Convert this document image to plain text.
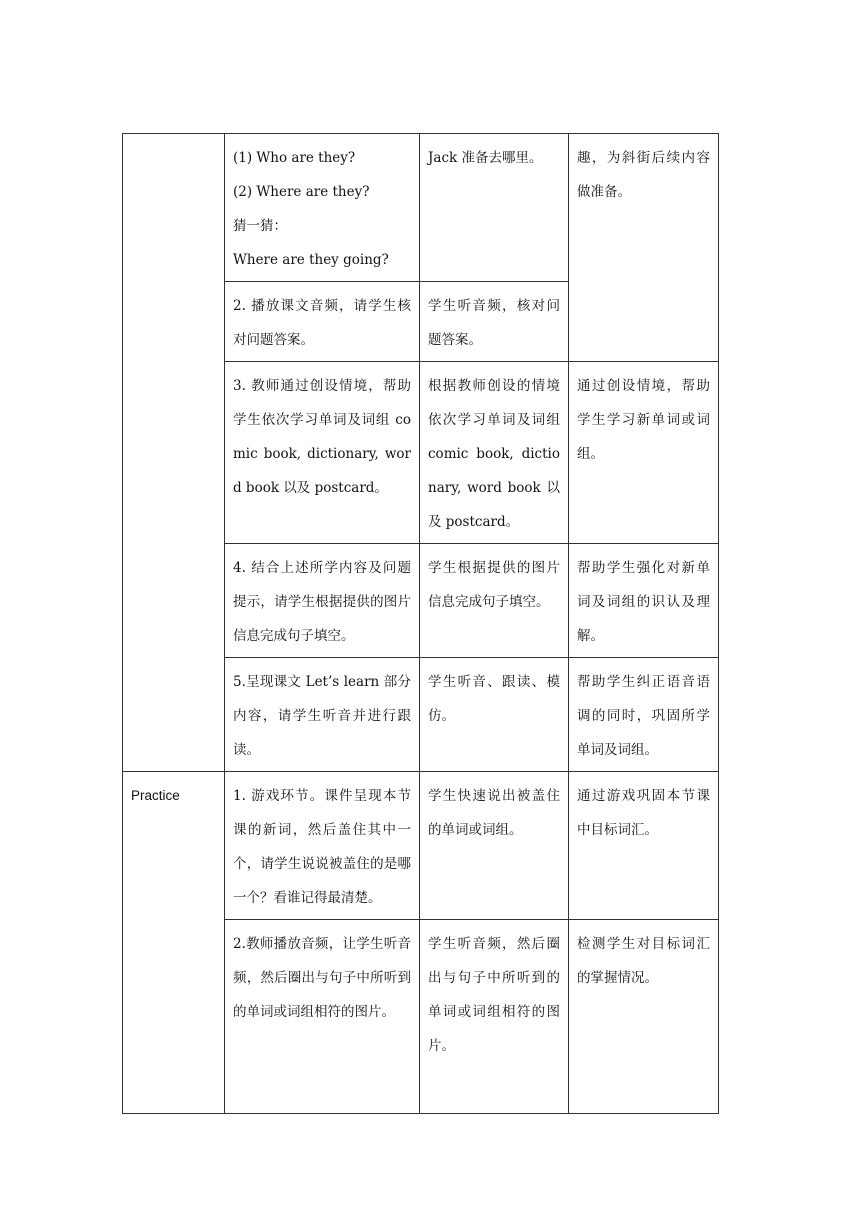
	(1) Who are they?

(2) Where are they?

猜一猜：

Where are they going?	Jack 准备去哪里。	趣，为斜街后续内容做准备。
	2. 播放课文音频，请学生核对问题答案。	学生听音频，核对问题答案。	
	3. 教师通过创设情境，帮助学生依次学习单词及词组 comic book, dictionary, word book 以及 postcard。	根据教师创设的情境依次学习单词及词组 comic book, dictionary, word book 以及 postcard。	通过创设情境，帮助学生学习新单词或词组。
	4. 结合上述所学内容及问题提示，请学生根据提供的图片信息完成句子填空。	学生根据提供的图片信息完成句子填空。	帮助学生强化对新单词及词组的识认及理解。
	5.呈现课文 Let’s learn 部分内容，请学生听音并进行跟读。	学生听音、跟读、模仿。	帮助学生纠正语音语调的同时，巩固所学单词及词组。
Practice	1. 游戏环节。课件呈现本节课的新词，然后盖住其中一个，请学生说说被盖住的是哪一个？看谁记得最清楚。	学生快速说出被盖住的单词或词组。	通过游戏巩固本节课中目标词汇。
	2.教师播放音频，让学生听音频，然后圈出与句子中所听到的单词或词组相符的图片。	学生听音频，然后圈出与句子中所听到的单词或词组相符的图片。	检测学生对目标词汇的掌握情况。
